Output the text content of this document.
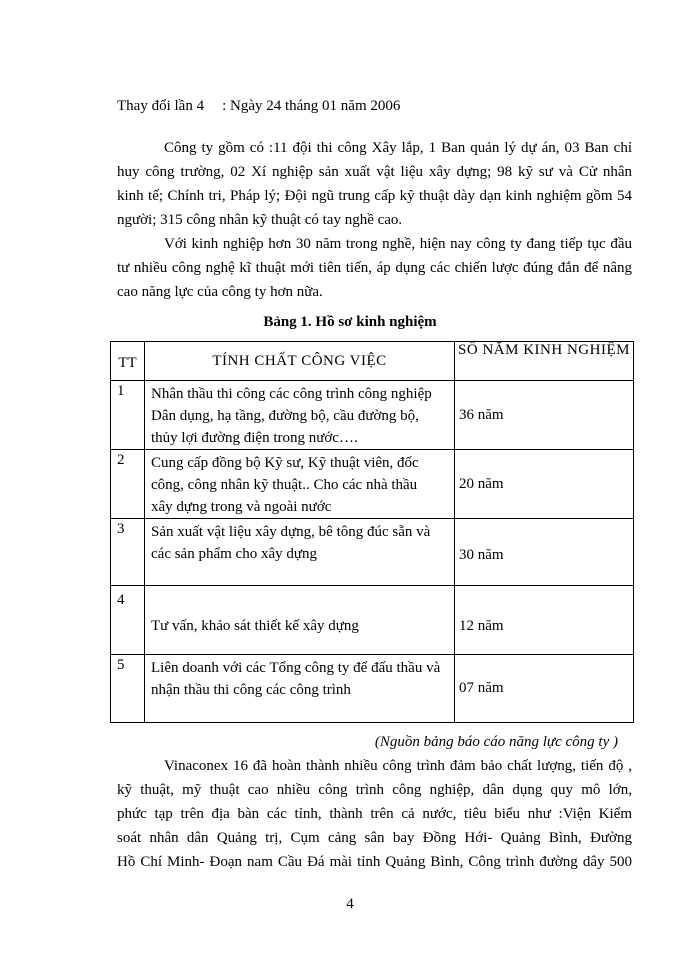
Thay đổi lần 4 : Ngày 24 tháng 01 năm 2006
Công ty gồm có :11 đội thi công Xây lắp, 1 Ban quản lý dự án, 03 Ban chỉ
huy công trường, 02 Xí nghiệp sản xuất vật liệu xây dựng; 98 kỹ sư và Cử nhân
kinh tế; Chính tri, Pháp lý; Đội ngũ trung cấp kỹ thuật dày dạn kinh nghiệm gồm 54
người; 315 công nhân kỹ thuật có tay nghề cao.
Với kinh nghiệp hơn 30 năm trong nghề, hiện nay công ty đang tiếp tục đầu
tư nhiều công nghệ kĩ thuật mới tiên tiến, áp dụng các chiến lược đúng đắn để nâng
cao năng lực của công ty hơn nữa.
Bảng 1. Hồ sơ kinh nghiệm
TT	TÍNH CHẤT CÔNG VIỆC	SỐ NĂM KINH NGHIỆM
1	Nhân thầu thi công các công trình công nghiệp
Dân dụng, hạ tầng, đường bộ, cầu đường bộ,
thủy lợi đường điện trong nước….	36 năm
2	Cung cấp đồng bộ Kỹ sư, Kỹ thuật viên, đốc
công, công nhân kỹ thuật.. Cho các nhà thầu
xây dựng trong và ngoài nước	20 năm
3	Sản xuất vật liệu xây dựng, bê tông đúc sẵn và
các sản phẩm cho xây dựng	30 năm
4	Tư vấn, khảo sát thiết kế xây dựng	12 năm
5	Liên doanh với các Tổng công ty để đấu thầu và
nhận thầu thi công các công trình	07 năm
(Nguồn bảng báo cáo năng lực công ty )
Vinaconex 16 đã hoàn thành nhiều công trình đảm bảo chất lượng, tiến độ ,
kỹ thuật, mỹ thuật cao nhiều công trình công nghiệp, dân dụng quy mô lớn,
phức tạp trên địa bàn các tỉnh, thành trên cả nước, tiêu biểu như :Viện Kiểm
soát nhân dân Quảng trị, Cụm cảng sân bay Đồng Hới- Quảng Bình, Đường
Hồ Chí Minh- Đoạn nam Cầu Đá mài tỉnh Quảng Bình, Công trình đường dây 500
4
